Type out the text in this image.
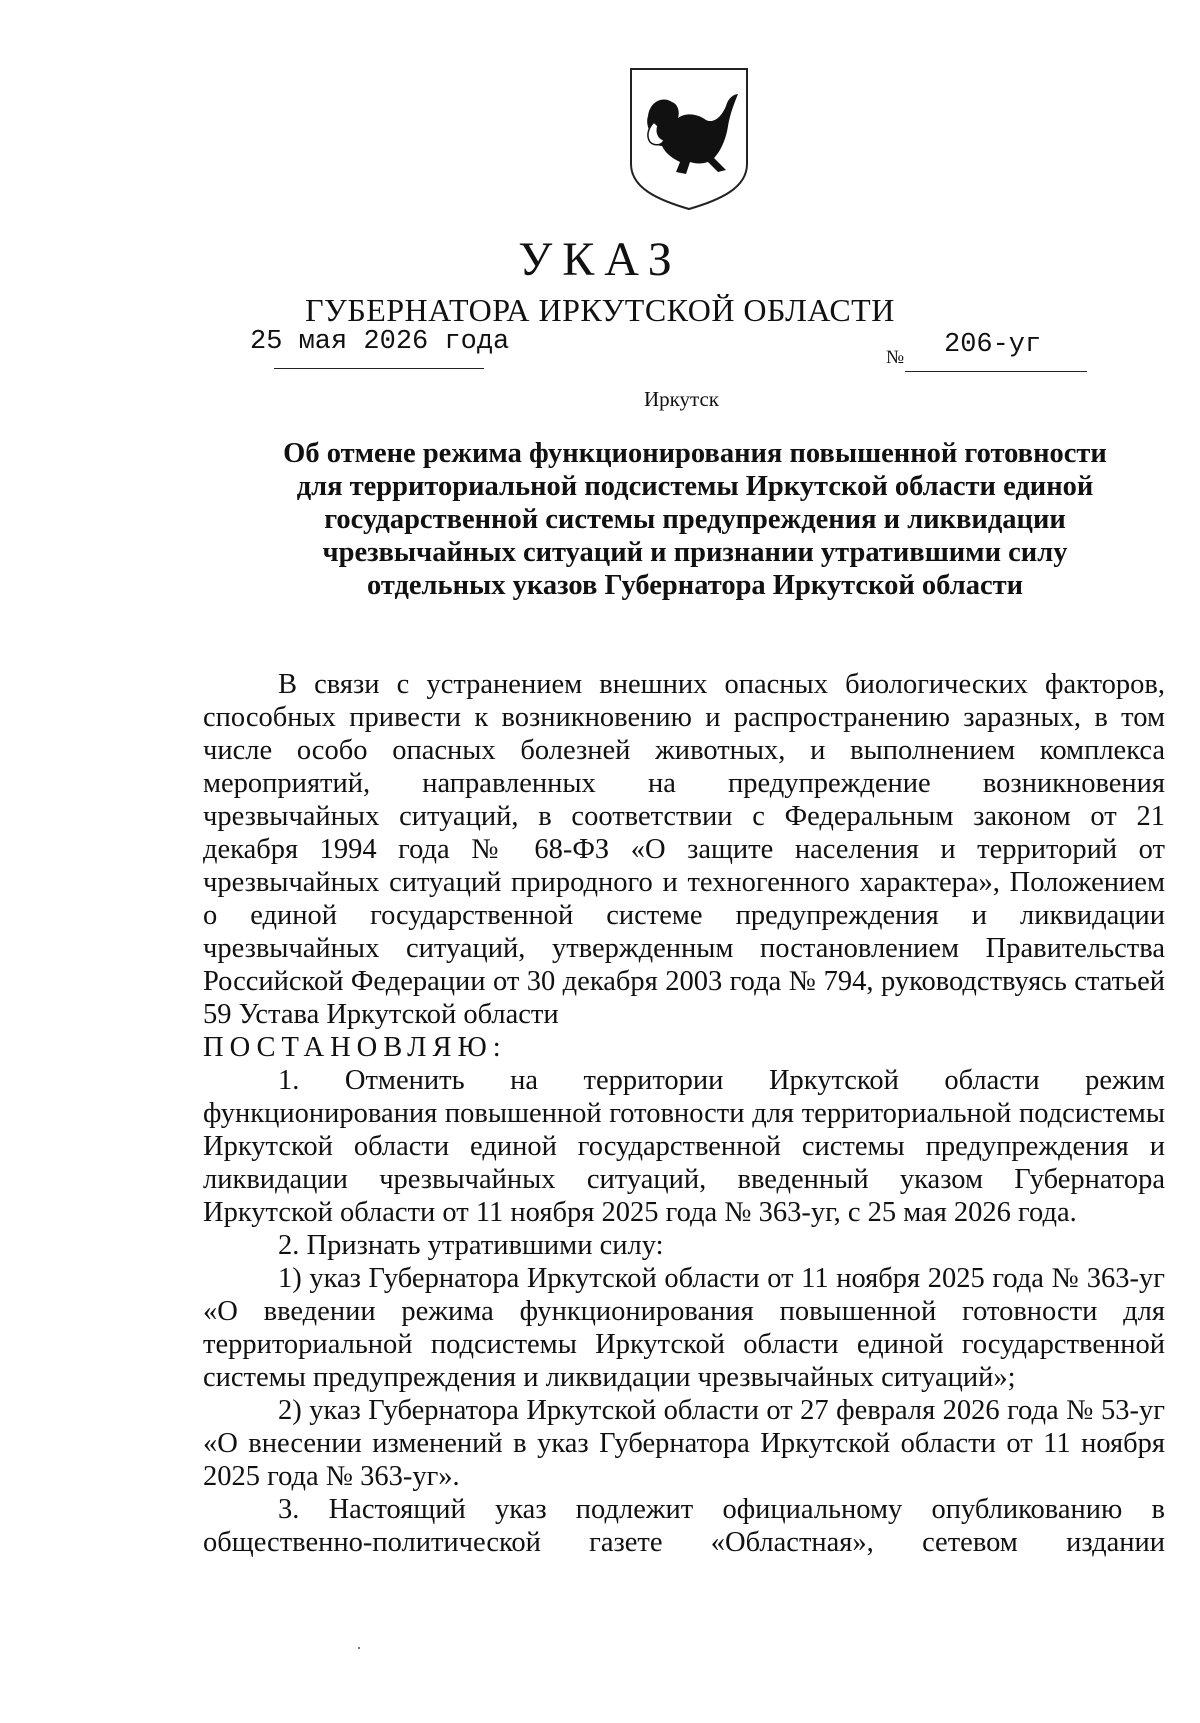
УКАЗ
ГУБЕРНАТОРА ИРКУТСКОЙ ОБЛАСТИ
25 мая 2026 года
№ 206-уг
Иркутск
Об отмене режима функционирования повышенной готовности для территориальной подсистемы Иркутской области единой государственной системы предупреждения и ликвидации чрезвычайных ситуаций и признании утратившими силу отдельных указов Губернатора Иркутской области

В связи с устранением внешних опасных биологических факторов, способных привести к возникновению и распространению заразных, в том числе особо опасных болезней животных, и выполнением комплекса мероприятий, направленных на предупреждение возникновения чрезвычайных ситуаций, в соответствии с Федеральным законом от 21 декабря 1994 года № 68-ФЗ «О защите населения и территорий от чрезвычайных ситуаций природного и техногенного характера», Положением о единой государственной системе предупреждения и ликвидации чрезвычайных ситуаций, утвержденным постановлением Правительства Российской Федерации от 30 декабря 2003 года № 794, руководствуясь статьей 59 Устава Иркутской области

ПОСТАНОВЛЯЮ:

1. Отменить на территории Иркутской области режим функционирования повышенной готовности для территориальной подсистемы Иркутской области единой государственной системы предупреждения и ликвидации чрезвычайных ситуаций, введенный указом Губернатора Иркутской области от 11 ноября 2025 года № 363-уг, с 25 мая 2026 года.

2. Признать утратившими силу:

1) указ Губернатора Иркутской области от 11 ноября 2025 года № 363-уг «О введении режима функционирования повышенной готовности для территориальной подсистемы Иркутской области единой государственной системы предупреждения и ликвидации чрезвычайных ситуаций»;

2) указ Губернатора Иркутской области от 27 февраля 2026 года № 53-уг «О внесении изменений в указ Губернатора Иркутской области от 11 ноября 2025 года № 363-уг».

3. Настоящий указ подлежит официальному опубликованию в общественно-политической газете «Областная», сетевом издании
